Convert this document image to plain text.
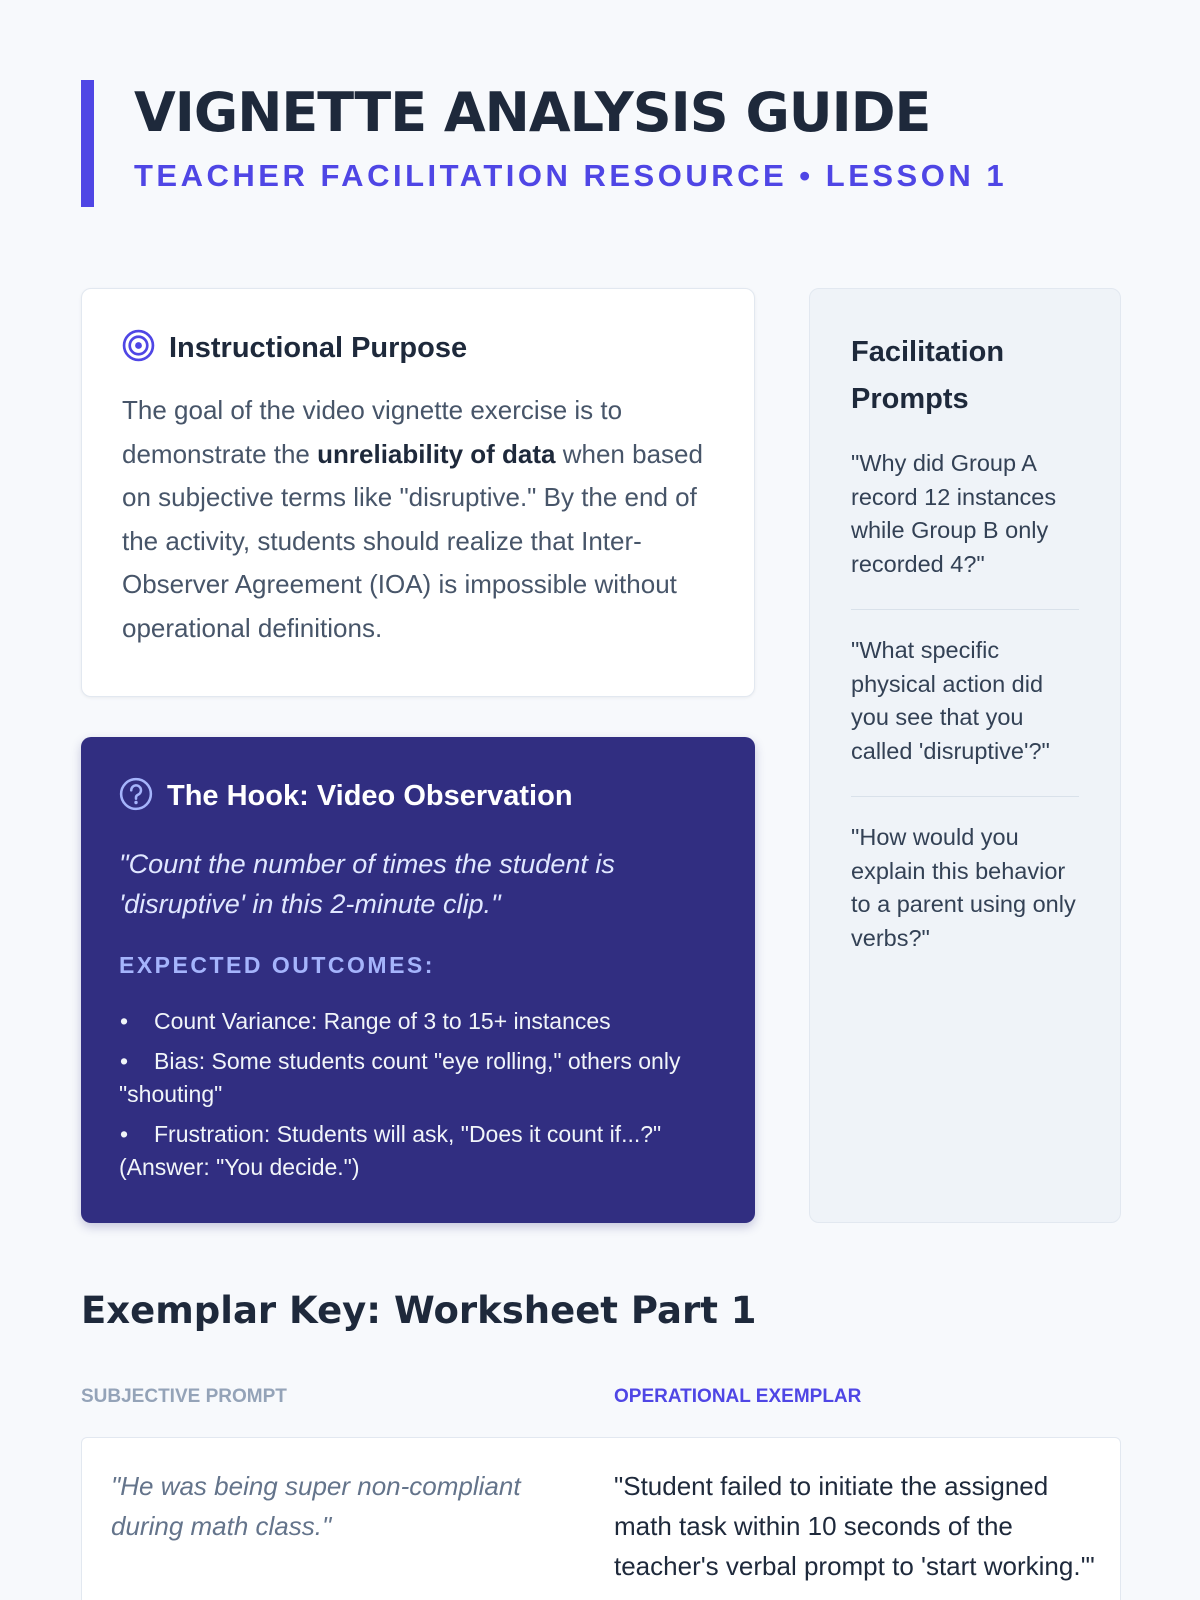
VIGNETTE ANALYSIS GUIDE
TEACHER FACILITATION RESOURCE • LESSON 1
Instructional Purpose

The goal of the video vignette exercise is to demonstrate the unreliability of data when based on subjective terms like "disruptive." By the end of the activity, students should realize that Inter-Observer Agreement (IOA) is impossible without operational definitions.

The Hook: Video Observation
"Count the number of times the student is 'disruptive' in this 2-minute clip."
EXPECTED OUTCOMES:
• Count Variance: Range of 3 to 15+ instances
• Bias: Some students count "eye rolling," others only "shouting"
• Frustration: Students will ask, "Does it count if...?" (Answer: "You decide.")
Facilitation Prompts
"Why did Group A record 12 instances while Group B only recorded 4?"
"What specific physical action did you see that you called 'disruptive'?"
"How would you explain this behavior to a parent using only verbs?"
Exemplar Key: Worksheet Part 1
SUBJECTIVE PROMPT	OPERATIONAL EXEMPLAR
"He was being super non-compliant during math class."
"Student failed to initiate the assigned math task within 10 seconds of the teacher's verbal prompt to 'start working.'"
